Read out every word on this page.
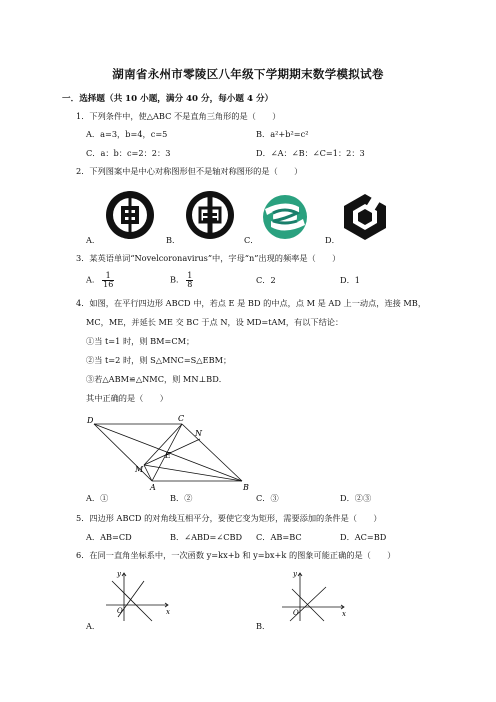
湖南省永州市零陵区八年级下学期期末数学模拟试卷
一．选择题（共 10 小题，满分 40 分，每小题 4 分）
1．下列条件中，使△ABC 不是直角三角形的是（　　）
A．a=3，b=4，c=5	B．a²+b²=c²
C．a：b：c=2：2：3	D．∠A：∠B：∠C=1：2：3
2．下列图案中是中心对称图形但不是轴对称图形的是（　　）
A．	B．	C．	D．
3．某英语单词“Novelcoronavirus”中，字母“n”出现的频率是（　　）
A． $\frac{1}{16}$	B． $\frac{1}{8}$	C．2	D．1
4．如图，在平行四边形 ABCD 中，若点 E 是 BD 的中点，点 M 是 AD 上一动点，连接 MB，
MC，ME，并延长 ME 交 BC 于点 N，设 MD=tAM，有以下结论：
①当 t=1 时，则 BM=CM；
②当 t=2 时，则 S△MNC=S△EBM；
③若△ABM≌△NMC，则 MN⊥BD．
其中正确的是（　　）
D	C
N
E
M
A	B
A．①	B．②	C．③	D．②③
5．四边形 ABCD 的对角线互相平分，要使它变为矩形，需要添加的条件是（　　）
A．AB=CD	B．∠ABD=∠CBD C．AB=BC	D．AC=BD
6．在同一直角坐标系中，一次函数 y=kx+b 和 y=bx+k 的图象可能正确的是（　　）
y
x
O
y
x
O
A．	B．
